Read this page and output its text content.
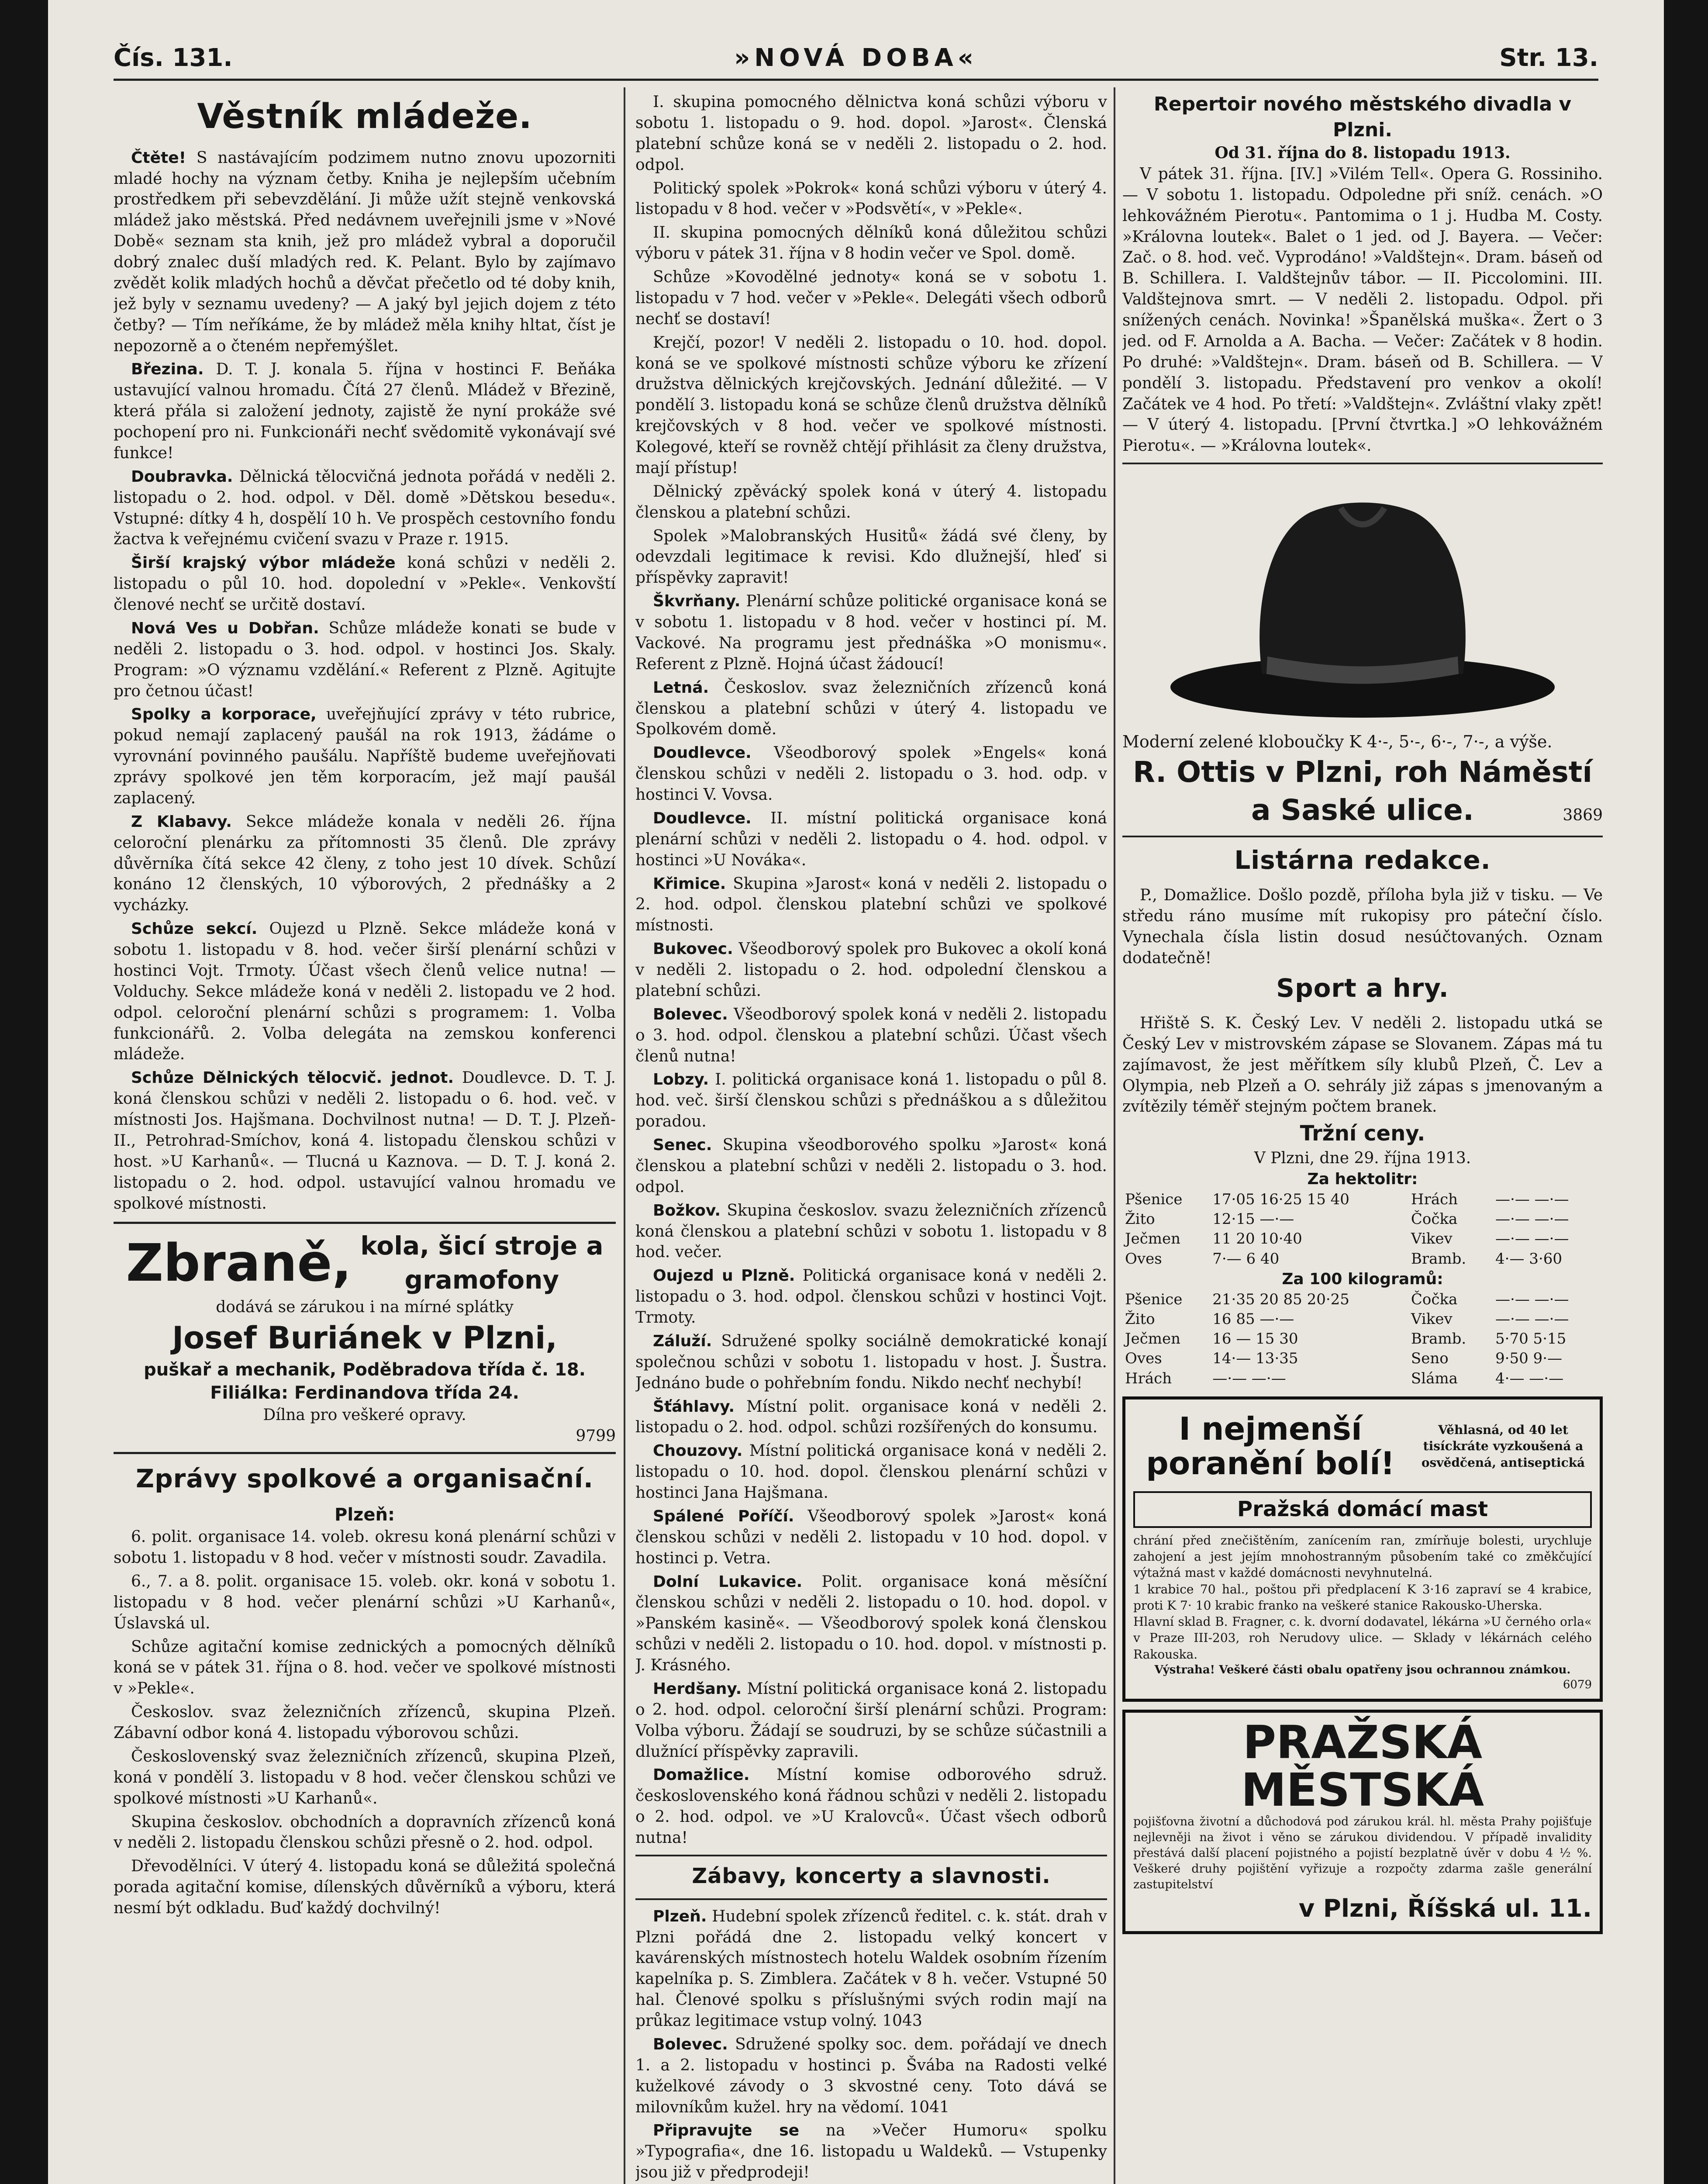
Čís. 131.	»NOVÁ DOBA«	Str. 13.
Věstník mládeže.

Čtěte! S nastávajícím podzimem nutno znovu upozorniti mladé hochy na význam četby. Kniha je nejlepším učebním prostředkem při sebevzdělání. Ji může užít stejně venkovská mládež jako městská. Před nedávnem uveřejnili jsme v »Nové Době« seznam sta knih, jež pro mládež vybral a doporučil dobrý znalec duší mladých red. K. Pelant. Bylo by zajímavo zvědět kolik mladých hochů a děvčat přečetlo od té doby knih, jež byly v seznamu uvedeny? — A jaký byl jejich dojem z této četby? — Tím neříkáme, že by mládež měla knihy hltat, číst je nepozorně a o čteném nepřemýšlet.

Březina. D. T. J. konala 5. října v hostinci F. Beňáka ustavující valnou hromadu. Čítá 27 členů. Mládež v Březině, která přála si založení jednoty, zajistě že nyní prokáže své pochopení pro ni. Funkcionáři nechť svědomitě vykonávají své funkce!

Doubravka. Dělnická tělocvičná jednota pořádá v neděli 2. listopadu o 2. hod. odpol. v Děl. domě »Dětskou besedu«. Vstupné: dítky 4 h, dospělí 10 h. Ve prospěch cestovního fondu žactva k veřejnému cvičení svazu v Praze r. 1915.

Širší krajský výbor mládeže koná schůzi v neděli 2. listopadu o půl 10. hod. dopolední v »Pekle«. Venkovští členové nechť se určitě dostaví.

Nová Ves u Dobřan. Schůze mládeže konati se bude v neděli 2. listopadu o 3. hod. odpol. v hostinci Jos. Skaly. Program: »O významu vzdělání.« Referent z Plzně. Agitujte pro četnou účast!

Spolky a korporace, uveřejňující zprávy v této rubrice, pokud nemají zaplacený paušál na rok 1913, žádáme o vyrovnání povinného paušálu. Napříště budeme uveřejňovati zprávy spolkové jen těm korporacím, jež mají paušál zaplacený.

Z Klabavy. Sekce mládeže konala v neděli 26. října celoroční plenárku za přítomnosti 35 členů. Dle zprávy důvěrníka čítá sekce 42 členy, z toho jest 10 dívek. Schůzí konáno 12 členských, 10 výborových, 2 přednášky a 2 vycházky.

Schůze sekcí. Oujezd u Plzně. Sekce mládeže koná v sobotu 1. listopadu v 8. hod. večer širší plenární schůzi v hostinci Vojt. Trmoty. Účast všech členů velice nutna! — Volduchy. Sekce mládeže koná v neděli 2. listopadu ve 2 hod. odpol. celoroční plenární schůzi s programem: 1. Volba funkcionářů. 2. Volba delegáta na zemskou konferenci mládeže.

Schůze Dělnických tělocvič. jednot. Doudlevce. D. T. J. koná členskou schůzi v neděli 2. listopadu o 6. hod. več. v místnosti Jos. Hajšmana. Dochvilnost nutna! — D. T. J. Plzeň-II., Petrohrad-Smíchov, koná 4. listopadu členskou schůzi v host. »U Karhanů«. — Tlucná u Kaznova. — D. T. J. koná 2. listopadu o 2. hod. odpol. ustavující valnou hromadu ve spolkové místnosti.

Zbraně, kola, šicí stroje a
gramofony
dodává se zárukou i na mírné splátky
Josef Buriánek v Plzni,
puškař a mechanik, Poděbradova třída č. 18. Filiálka: Ferdinandova třída 24.
Dílna pro veškeré opravy.
9799
Zprávy spolkové a organisační.
Plzeň:

6. polit. organisace 14. voleb. okresu koná plenární schůzi v sobotu 1. listopadu v 8 hod. večer v místnosti soudr. Zavadila.

6., 7. a 8. polit. organisace 15. voleb. okr. koná v sobotu 1. listopadu v 8 hod. večer plenární schůzi »U Karhanů«, Úslavská ul.

Schůze agitační komise zednických a pomocných dělníků koná se v pátek 31. října o 8. hod. večer ve spolkové místnosti v »Pekle«.

Českoslov. svaz železničních zřízenců, skupina Plzeň. Zábavní odbor koná 4. listopadu výborovou schůzi.

Československý svaz železničních zřízenců, skupina Plzeň, koná v pondělí 3. listopadu v 8 hod. večer členskou schůzi ve spolkové místnosti »U Karhanů«.

Skupina českoslov. obchodních a dopravních zřízenců koná v neděli 2. listopadu členskou schůzi přesně o 2. hod. odpol.

Dřevodělníci. V úterý 4. listopadu koná se důležitá společná porada agitační komise, dílenských důvěrníků a výboru, která nesmí být odkladu. Buď každý dochvilný!

I. skupina pomocného dělnictva koná schůzi výboru v sobotu 1. listopadu o 9. hod. dopol. »Jarost«. Členská platební schůze koná se v neděli 2. listopadu o 2. hod. odpol.

Politický spolek »Pokrok« koná schůzi výboru v úterý 4. listopadu v 8 hod. večer v »Podsvětí«, v »Pekle«.

II. skupina pomocných dělníků koná důležitou schůzi výboru v pátek 31. října v 8 hodin večer ve Spol. domě.

Schůze »Kovodělné jednoty« koná se v sobotu 1. listopadu v 7 hod. večer v »Pekle«. Delegáti všech odborů nechť se dostaví!

Krejčí, pozor! V neděli 2. listopadu o 10. hod. dopol. koná se ve spolkové místnosti schůze výboru ke zřízení družstva dělnických krejčovských. Jednání důležité. — V pondělí 3. listopadu koná se schůze členů družstva dělníků krejčovských v 8 hod. večer ve spolkové místnosti. Kolegové, kteří se rovněž chtějí přihlásit za členy družstva, mají přístup!

Dělnický zpěvácký spolek koná v úterý 4. listopadu členskou a platební schůzi.

Spolek »Malobranských Husitů« žádá své členy, by odevzdali legitimace k revisi. Kdo dlužnejší, hleď si příspěvky zapravit!

Škvrňany. Plenární schůze politické organisace koná se v sobotu 1. listopadu v 8 hod. večer v hostinci pí. M. Vackové. Na programu jest přednáška »O monismu«. Referent z Plzně. Hojná účast žádoucí!

Letná. Českoslov. svaz železničních zřízenců koná členskou a platební schůzi v úterý 4. listopadu ve Spolkovém domě.

Doudlevce. Všeodborový spolek »Engels« koná členskou schůzi v neděli 2. listopadu o 3. hod. odp. v hostinci V. Vovsa.

Doudlevce. II. místní politická organisace koná plenární schůzi v neděli 2. listopadu o 4. hod. odpol. v hostinci »U Nováka«.

Křimice. Skupina »Jarost« koná v neděli 2. listopadu o 2. hod. odpol. členskou platební schůzi ve spolkové místnosti.

Bukovec. Všeodborový spolek pro Bukovec a okolí koná v neděli 2. listopadu o 2. hod. odpolední členskou a platební schůzi.

Bolevec. Všeodborový spolek koná v neděli 2. listopadu o 3. hod. odpol. členskou a platební schůzi. Účast všech členů nutna!

Lobzy. I. politická organisace koná 1. listopadu o půl 8. hod. več. širší členskou schůzi s přednáškou a s důležitou poradou.

Senec. Skupina všeodborového spolku »Jarost« koná členskou a platební schůzi v neděli 2. listopadu o 3. hod. odpol.

Božkov. Skupina českoslov. svazu železničních zřízenců koná členskou a platební schůzi v sobotu 1. listopadu v 8 hod. večer.

Oujezd u Plzně. Politická organisace koná v neděli 2. listopadu o 3. hod. odpol. členskou schůzi v hostinci Vojt. Trmoty.

Záluží. Sdružené spolky sociálně demokratické konají společnou schůzi v sobotu 1. listopadu v host. J. Šustra. Jednáno bude o pohřebním fondu. Nikdo nechť nechybí!

Šťáhlavy. Místní polit. organisace koná v neděli 2. listopadu o 2. hod. odpol. schůzi rozšířených do konsumu.

Chouzovy. Místní politická organisace koná v neděli 2. listopadu o 10. hod. dopol. členskou plenární schůzi v hostinci Jana Hajšmana.

Spálené Poříčí. Všeodborový spolek »Jarost« koná členskou schůzi v neděli 2. listopadu v 10 hod. dopol. v hostinci p. Vetra.

Dolní Lukavice. Polit. organisace koná měsíční členskou schůzi v neděli 2. listopadu o 10. hod. dopol. v »Panském kasině«. — Všeodborový spolek koná členskou schůzi v neděli 2. listopadu o 10. hod. dopol. v místnosti p. J. Krásného.

Herdšany. Místní politická organisace koná 2. listopadu o 2. hod. odpol. celoroční širší plenární schůzi. Program: Volba výboru. Žádají se soudruzi, by se schůze súčastnili a dlužnící příspěvky zapravili.

Domažlice. Místní komise odborového sdruž. československého koná řádnou schůzi v neděli 2. listopadu o 2. hod. odpol. ve »U Kralovců«. Účast všech odborů nutna!

Zábavy, koncerty a slavnosti.

Plzeň. Hudební spolek zřízenců ředitel. c. k. stát. drah v Plzni pořádá dne 2. listopadu velký koncert v kavárenských místnostech hotelu Waldek osobním řízením kapelníka p. S. Zimblera. Začátek v 8 h. večer. Vstupné 50 hal. Členové spolku s příslušnými svých rodin mají na průkaz legitimace vstup volný. 1043

Bolevec. Sdružené spolky soc. dem. pořádají ve dnech 1. a 2. listopadu v hostinci p. Švába na Radosti velké kuželkové závody o 3 skvostné ceny. Toto dává se milovníkům kužel. hry na vědomí. 1041

Připravujte se na »Večer Humoru« spolku »Typografia«, dne 16. listopadu u Waldeků. — Vstupenky jsou již v předprodeji!

Repertoir nového městského divadla v Plzni.
Od 31. října do 8. listopadu 1913.

V pátek 31. října. [IV.] »Vilém Tell«. Opera G. Rossiniho. — V sobotu 1. listopadu. Odpoledne při sníž. cenách. »O lehkovážném Pierotu«. Pantomima o 1 j. Hudba M. Costy. »Královna loutek«. Balet o 1 jed. od J. Bayera. — Večer: Zač. o 8. hod. več. Vyprodáno! »Valdštejn«. Dram. báseň od B. Schillera. I. Valdštejnův tábor. — II. Piccolomini. III. Valdštejnova smrt. — V neděli 2. listopadu. Odpol. při snížených cenách. Novinka! »Španělská muška«. Žert o 3 jed. od F. Arnolda a A. Bacha. — Večer: Začátek v 8 hodin. Po druhé: »Valdštejn«. Dram. báseň od B. Schillera. — V pondělí 3. listopadu. Představení pro venkov a okolí! Začátek ve 4 hod. Po třetí: »Valdštejn«. Zvláštní vlaky zpět! — V úterý 4. listopadu. [První čtvrtka.] »O lehkovážném Pierotu«. — »Královna loutek«.

Moderní zelené kloboučky K 4·-, 5·-, 6·-, 7·-, a výše.
R. Ottis v Plzni, roh Náměstí
a Saské ulice.	3869
Listárna redakce.

P., Domažlice. Došlo pozdě, příloha byla již v tisku. — Ve středu ráno musíme mít rukopisy pro páteční číslo. Vynechala čísla listin dosud nesúčtovaných. Oznam dodatečně!

Sport a hry.

Hřiště S. K. Český Lev. V neděli 2. listopadu utká se Český Lev v mistrovském zápase se Slovanem. Zápas má tu zajímavost, že jest měřítkem síly klubů Plzeň, Č. Lev a Olympia, neb Plzeň a O. sehrály již zápas s jmenovaným a zvítězily téměř stejným počtem branek.

Tržní ceny.
V Plzni, dne 29. října 1913.
Za hektolitr:
Pšenice	17·05 16·25 15 40	Hrách	—·— —·—
Žito	12·15 —·—	Čočka	—·— —·—
Ječmen	11 20 10·40	Vikev	—·— —·—
Oves	7·— 6 40	Bramb.	4·— 3·60
Za 100 kilogramů:
Pšenice	21·35 20 85 20·25	Čočka	—·— —·—
Žito	16 85 —·—	Vikev	—·— —·—
Ječmen	16 — 15 30	Bramb.	5·70 5·15
Oves	14·— 13·35	Seno	9·50 9·—
Hrách	—·— —·—	Sláma	4·— —·—
I nejmenší poranění bolí!
Věhlasná, od 40 let tisíckráte vyzkoušená a osvědčená, antiseptická
Pražská domácí mast
chrání před znečištěním, zanícením ran, zmírňuje bolesti, urychluje zahojení a jest jejím mnohostranným působením také co změkčující výtažná mast v každé domácnosti nevyhnutelná.
1 krabice 70 hal., poštou při předplacení K 3·16 zapraví se 4 krabice, proti K 7· 10 krabic franko na veškeré stanice Rakousko-Uherska.
Hlavní sklad B. Fragner, c. k. dvorní dodavatel, lékárna »U černého orla« v Praze III-203, roh Nerudovy ulice. — Sklady v lékárnách celého Rakouska.
Výstraha! Veškeré části obalu opatřeny jsou ochrannou známkou.
6079
PRAŽSKÁ
MĚSTSKÁ
pojišťovna životní a důchodová pod zárukou král. hl. města Prahy pojišťuje nejlevněji na život i věno se zárukou dividendou. V případě invalidity přestává další placení pojistného a pojistí bezplatně úvěr v dobu 4 ½ %. Veškeré druhy pojištění vyřizuje a rozpočty zdarma zašle generální zastupitelství
v Plzni, Říšská ul. 11.
